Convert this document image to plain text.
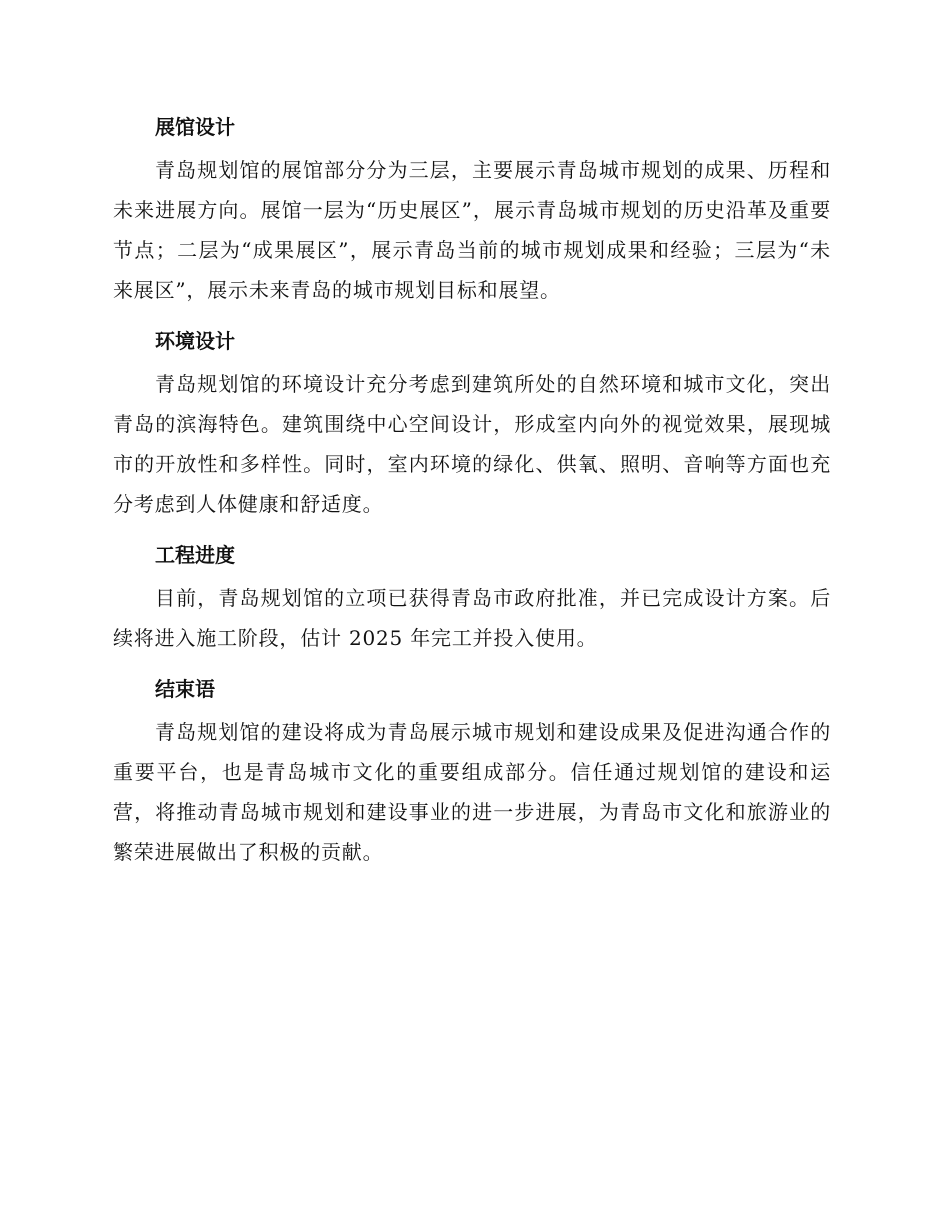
展馆设计

青岛规划馆的展馆部分分为三层，主要展示青岛城市规划的成果、历程和未来进展方向。展馆一层为“历史展区”，展示青岛城市规划的历史沿革及重要节点；二层为“成果展区”，展示青岛当前的城市规划成果和经验；三层为“未来展区”，展示未来青岛的城市规划目标和展望。

环境设计

青岛规划馆的环境设计充分考虑到建筑所处的自然环境和城市文化，突出青岛的滨海特色。建筑围绕中心空间设计，形成室内向外的视觉效果，展现城市的开放性和多样性。同时，室内环境的绿化、供氧、照明、音响等方面也充分考虑到人体健康和舒适度。

工程进度

目前，青岛规划馆的立项已获得青岛市政府批准，并已完成设计方案。后续将进入施工阶段，估计 2025 年完工并投入使用。

结束语

青岛规划馆的建设将成为青岛展示城市规划和建设成果及促进沟通合作的重要平台，也是青岛城市文化的重要组成部分。信任通过规划馆的建设和运营，将推动青岛城市规划和建设事业的进一步进展，为青岛市文化和旅游业的繁荣进展做出了积极的贡献。
